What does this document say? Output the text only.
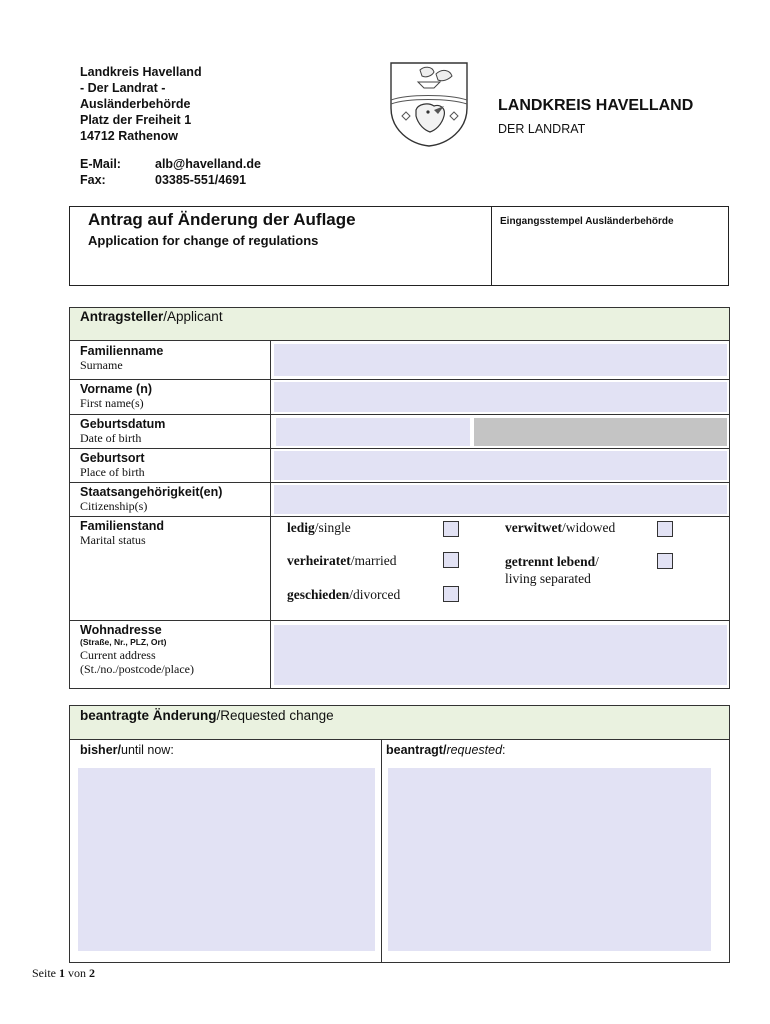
Landkreis Havelland
- Der Landrat -
Ausländerbehörde
Platz der Freiheit 1
14712 Rathenow
E-Mail:	alb@havelland.de
Fax:	03385-551/4691
LANDKREIS HAVELLAND
DER LANDRAT
Antrag auf Änderung der Auflage
Application for change of regulations
Eingangsstempel Ausländerbehörde
Antragsteller/Applicant
Familienname
Surname
Vorname (n)
First name(s)
Geburtsdatum
Date of birth
Geburtsort
Place of birth
Staatsangehörigkeit(en)
Citizenship(s)
Familienstand
Marital status
ledig/single
verheiratet/married
geschieden/divorced
verwitwet/widowed
getrennt lebend/
living separated
Wohnadresse
(Straße, Nr., PLZ, Ort)
Current address
(St./no./postcode/place)
beantragte Änderung/Requested change
bisher/until now:	beantragt/requested:
Seite 1 von 2
